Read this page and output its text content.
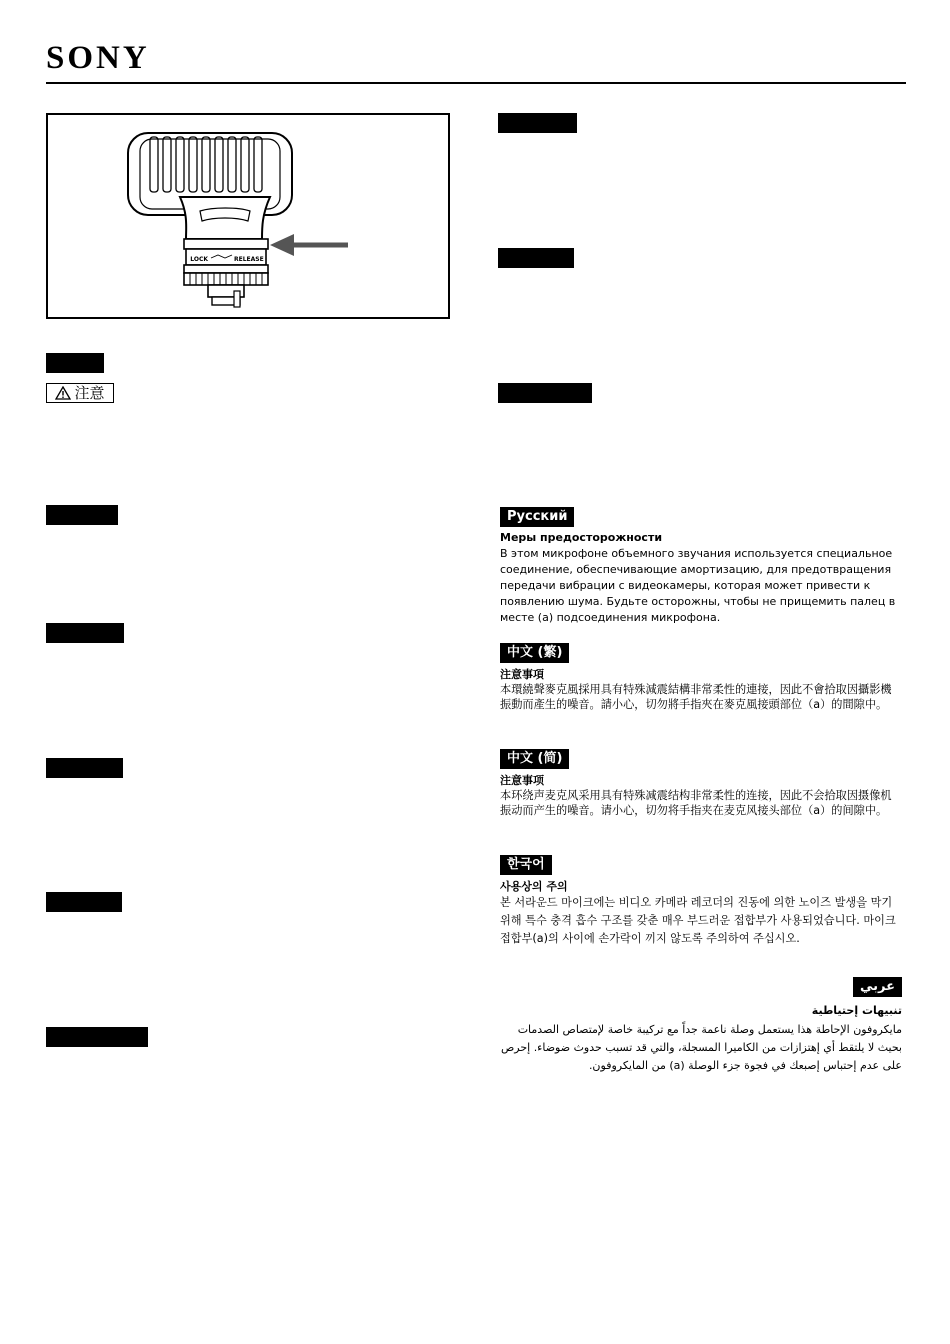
SONY
LOCK	RELEASE
注意
Русский
Меры предосторожности
В этом микрофоне объемного звучания используется специальное соединение, обеспечивающие амортизацию, для предотвращения передачи вибрации с видеокамеры, которая может привести к появлению шума. Будьте осторожны, чтобы не прищемить палец в месте (a) подсоединения микрофона.
中文 (繁)
注意事項
本環繞聲麥克風採用具有特殊減震結構非常柔性的連接，因此不會拾取因攝影機振動而產生的噪音。請小心，切勿將手指夾在麥克風接頭部位（a）的間隙中。
中文 (简)
注意事项
本环绕声麦克风采用具有特殊减震结构非常柔性的连接，因此不会拾取因摄像机振动而产生的噪音。请小心，切勿将手指夹在麦克风接头部位（a）的间隙中。
한국어
사용상의 주의
본 서라운드 마이크에는 비디오 카메라 레코더의 진동에 의한 노이즈 발생을 막기 위해 특수 충격 흡수 구조를 갖춘 매우 부드러운 접합부가 사용되었습니다. 마이크 접합부(a)의 사이에 손가락이 끼지 않도록 주의하여 주십시오.
عربي
تنبيهات إحتياطية
مايكروفون الإحاطة هذا يستعمل وصلة ناعمة جداً مع تركيبة خاصة لإمتصاص الصدمات بحيث لا يلتقط أي إهتزازات من الكاميرا المسجلة، والتي قد تسبب حدوث ضوضاء. إحرص على عدم إحتباس إصبعك في فجوة جزء الوصلة (a) من المايكروفون.
